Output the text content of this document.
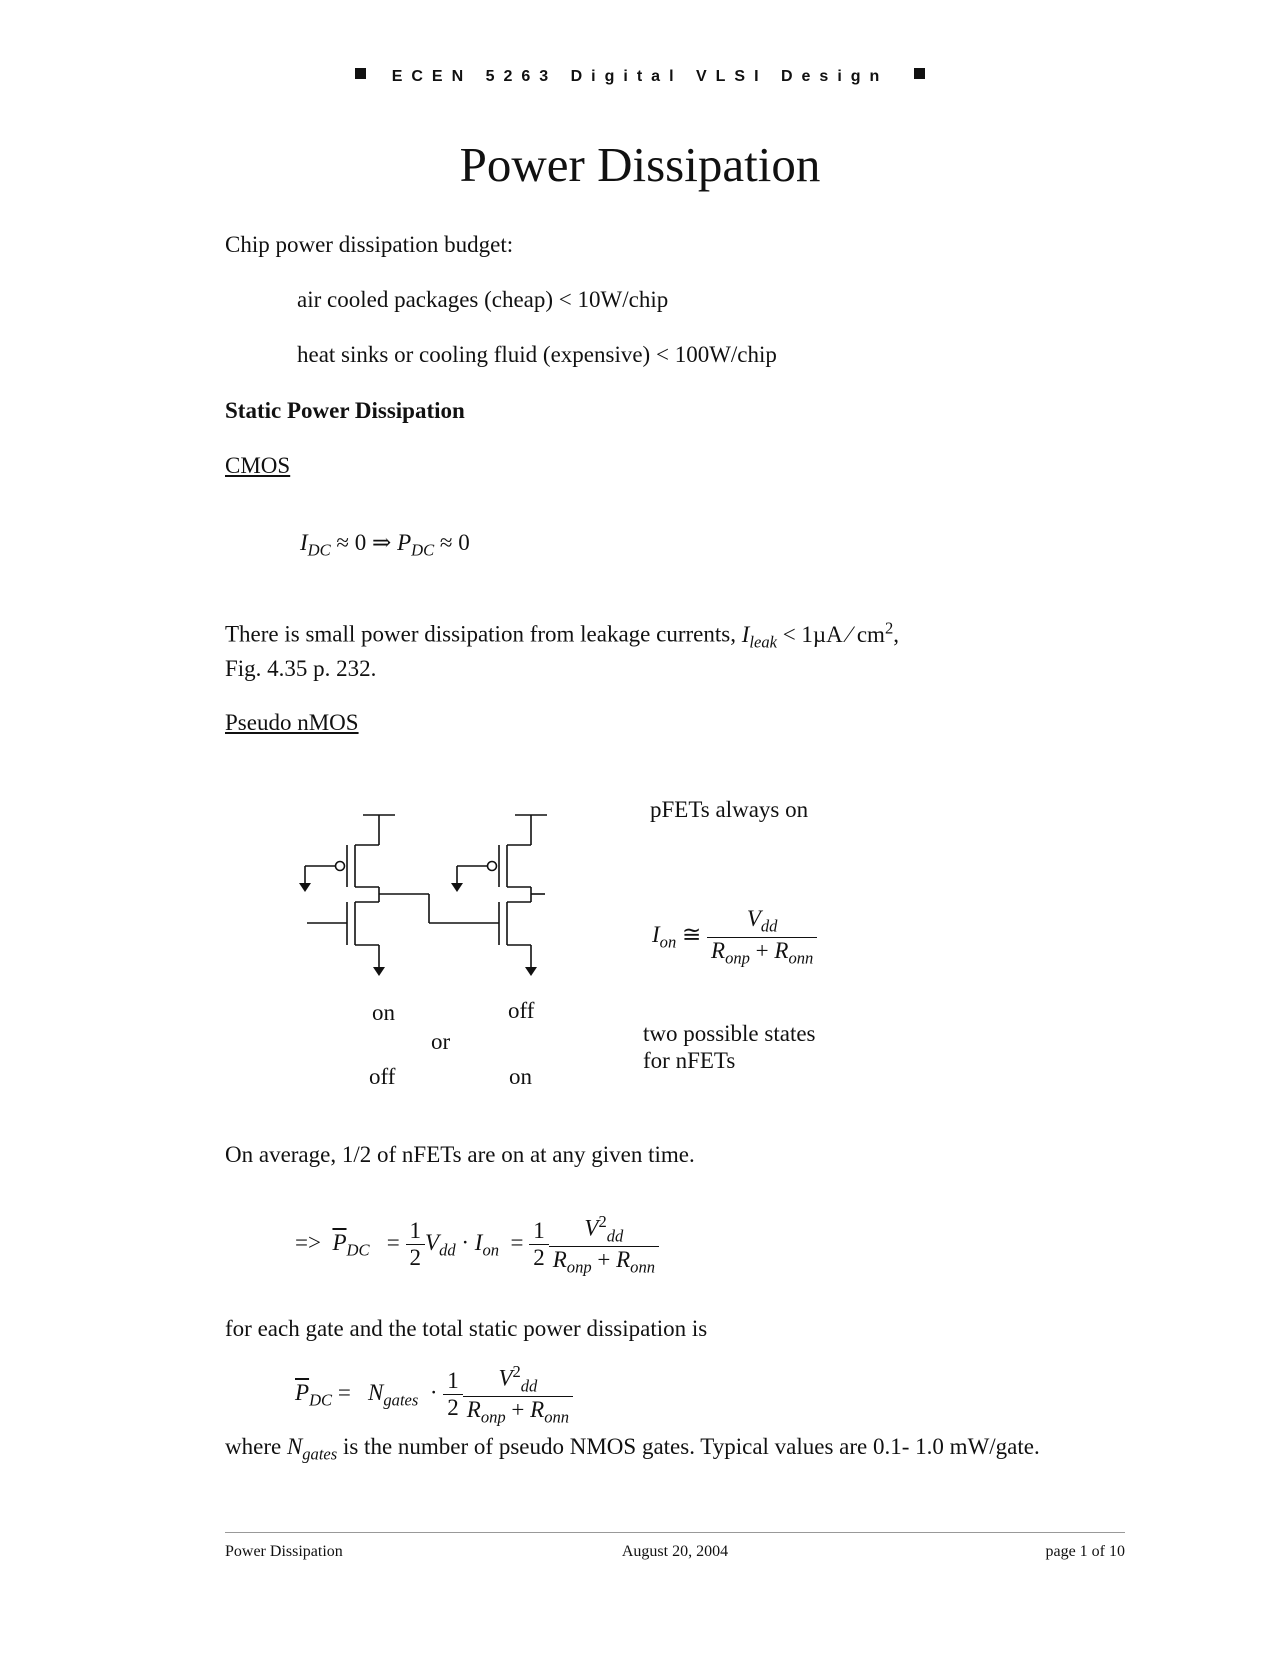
ECEN 5263 Digital VLSI Design
Power Dissipation
Chip power dissipation budget:
air cooled packages (cheap) < 10W/chip
heat sinks or cooling fluid (expensive) < 100W/chip
Static Power Dissipation
CMOS
$I_{DC} \approx 0$ ⇒ $P_{DC} \approx 0$
There is small power dissipation from leakage currents, $I_{leak} < 1\mu A$ ⁄ $cm^2$,
Fig. 4.35 p. 232.
Pseudo nMOS
pFETs always on
$I_{on}$ ≅ $\frac{V_{dd}}{R_{onp} + R_{onn}}$
on	off
or
off	on
two possible states
for nFETs
On average, 1/2 of nFETs are on at any given time.
=>  $\overline{P}_{DC} = \frac{1}{2} V_{dd} \cdot I_{on} = \frac{1}{2} \frac{V^2_{dd}}{R_{onp} + R_{onn}}$
for each gate and the total static power dissipation is
$\overline{P}_{DC} = N_{gates} \cdot \frac{1}{2} \frac{V^2_{dd}}{R_{onp} + R_{onn}}$
where $N_{gates}$ is the number of pseudo NMOS gates. Typical values are 0.1- 1.0 mW/gate.
Power Dissipation	August 20, 2004	page 1 of 10
